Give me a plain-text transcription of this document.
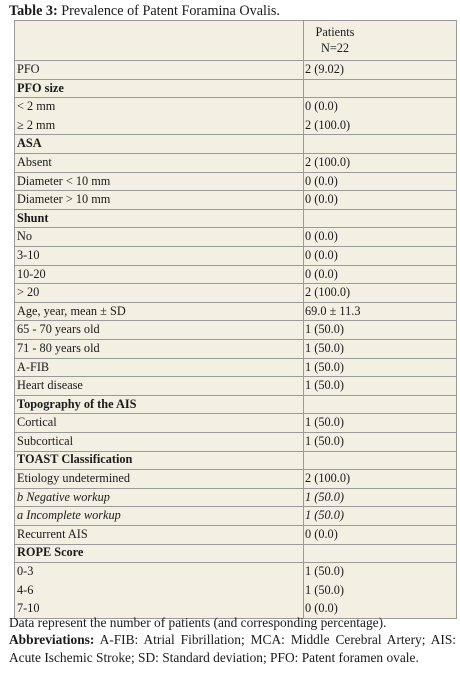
Table 3: Prevalence of Patent Foramina Ovalis.
Patients
N=22
PFO	2 (9.02)
PFO size
< 2 mm	0 (0.0)
≥ 2 mm	2 (100.0)
ASA
Absent	2 (100.0)
Diameter < 10 mm	0 (0.0)
Diameter > 10 mm	0 (0.0)
Shunt
No	0 (0.0)
3-10	0 (0.0)
10-20	0 (0.0)
> 20	2 (100.0)
Age, year, mean ± SD	69.0 ± 11.3
65 - 70 years old	1 (50.0)
71 - 80 years old	1 (50.0)
A-FIB	1 (50.0)
Heart disease	1 (50.0)
Topography of the AIS
Cortical	1 (50.0)
Subcortical	1 (50.0)
TOAST Classification
Etiology undetermined	2 (100.0)
b Negative workup	1 (50.0)
a Incomplete workup	1 (50.0)
Recurrent AIS	0 (0.0)
ROPE Score
0-3	1 (50.0)
4-6	1 (50.0)
7-10	0 (0.0)

Data represent the number of patients (and corresponding percentage).

Abbreviations: A-FIB: Atrial Fibrillation; MCA: Middle Cerebral Artery; AIS: Acute Ischemic Stroke; SD: Standard deviation; PFO: Patent foramen ovale.
